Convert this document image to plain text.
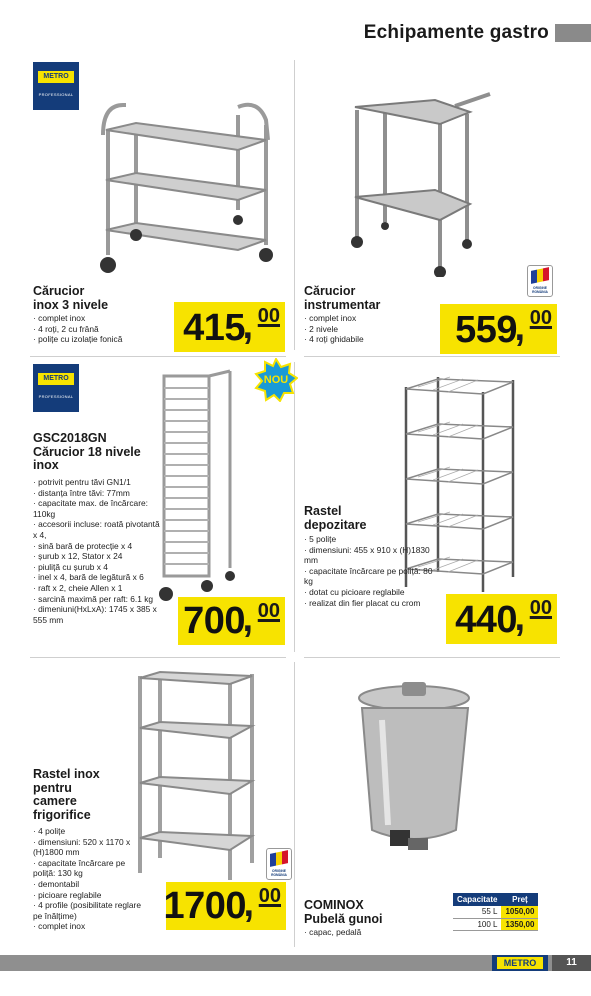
Echipamente gastro
METRO
PROFESSIONAL
METRO
PROFESSIONAL
Cărucior
inox 3 nivele
· complet inox
· 4 roți, 2 cu frână
· polițe cu izolație fonică	415
, 00
ORIGINE ROMÂNIA
Cărucior
instrumentar
· complet inox
· 2 nivele
· 4 roți ghidabile	559
, 00
NOU
GSC2018GN
Cărucior 18 nivele
inox
· potrivit pentru tăvi GN1/1
· distanța între tăvi: 77mm
· capacitate max. de încărcare: 110kg
· accesorii incluse: roată pivotantă x 4,
· sină bară de protecție x 4
· șurub x 12, Stator x 24
· piuliță cu șurub x 4
· inel x 4, bară de legătură x 6
· raft x 2, cheie Allen x 1
· sarcină maximă per raft: 6.1 kg
· dimeniuni(HxLxA): 1745 x 385 x 555 mm	700
, 00
Rastel
depozitare
· 5 polițe
· dimensiuni: 455 x 910 x (H)1830 mm
· capacitate încărcare pe poliță: 80 kg
· dotat cu picioare reglabile
· realizat din fier placat cu crom 440
, 00
ORIGINE ROMÂNIA
Rastel inox
pentru
camere
frigorifice
· 4 polițe
· dimensiuni: 520 x 1170 x (H)1800 mm
· capacitate încărcare pe poliță: 130 kg
· demontabil
· picioare reglabile
· 4 profile (posibilitate reglare pe înălțime)
· complet inox	1700
, 00 COMINOX
Pubelă gunoi
· capac, pedală
Capacitate	Preț
55 L	1050,00
100 L	1350,00
METRO	11
